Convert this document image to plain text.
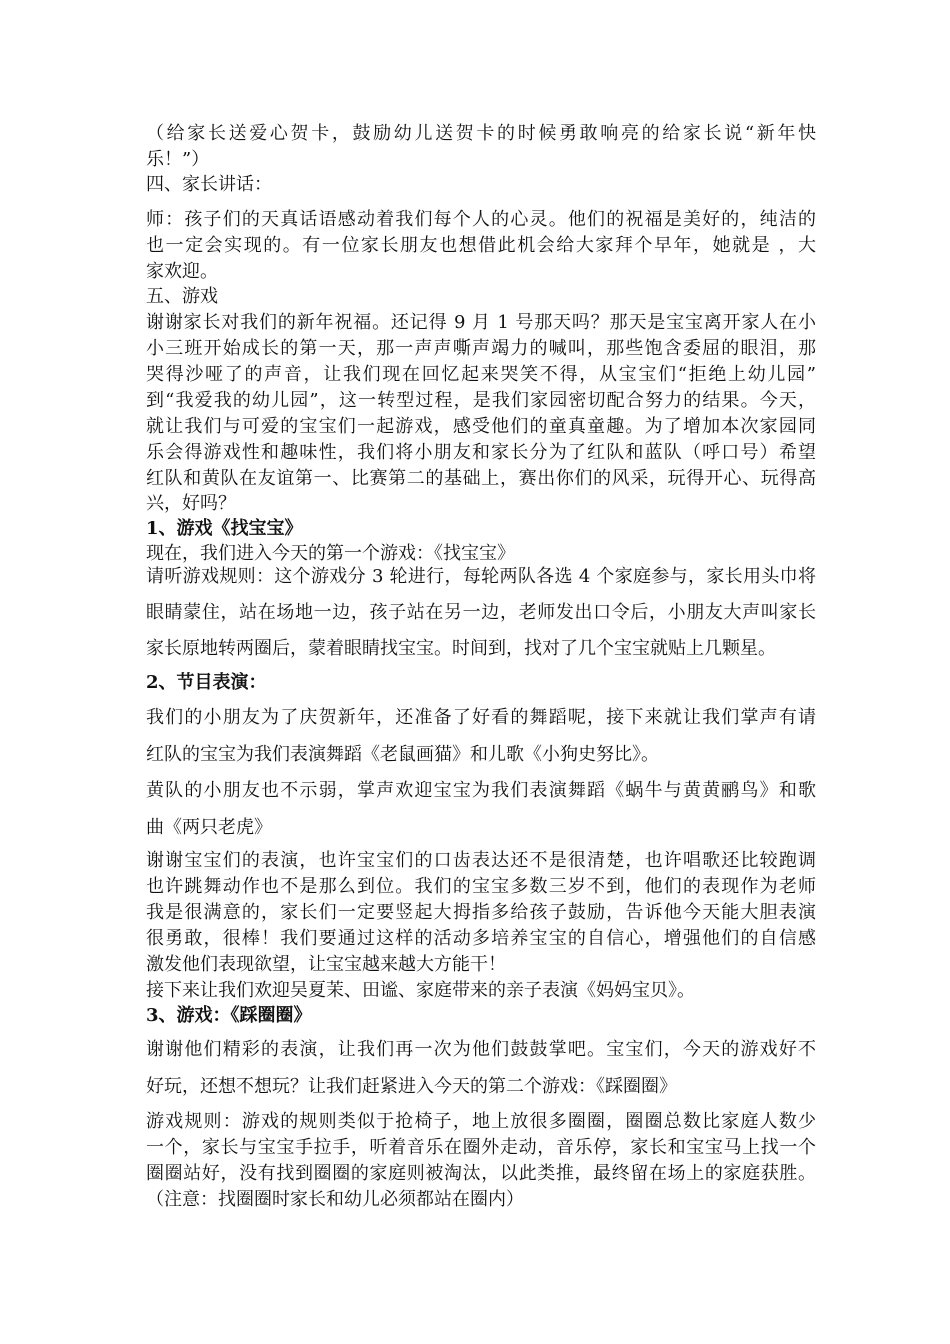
（给家长送爱心贺卡，鼓励幼儿送贺卡的时候勇敢响亮的给家长说“新年快

乐！”）

四、家长讲话：

师：孩子们的天真话语感动着我们每个人的心灵。他们的祝福是美好的，纯洁的

也一定会实现的。有一位家长朋友也想借此机会给大家拜个早年，她就是 ，大

家欢迎。

五、游戏

谢谢家长对我们的新年祝福。还记得 9 月 1 号那天吗？那天是宝宝离开家人在小

小三班开始成长的第一天，那一声声嘶声竭力的喊叫，那些饱含委屈的眼泪，那

哭得沙哑了的声音，让我们现在回忆起来哭笑不得，从宝宝们“拒绝上幼儿园”

到“我爱我的幼儿园”，这一转型过程，是我们家园密切配合努力的结果。今天，

就让我们与可爱的宝宝们一起游戏，感受他们的童真童趣。为了增加本次家园同

乐会得游戏性和趣味性，我们将小朋友和家长分为了红队和蓝队（呼口号）希望

红队和黄队在友谊第一、比赛第二的基础上，赛出你们的风采，玩得开心、玩得高

兴，好吗？

1、游戏《找宝宝》

现在，我们进入今天的第一个游戏：《找宝宝》

请听游戏规则：这个游戏分 3 轮进行，每轮两队各选 4 个家庭参与，家长用头巾将

眼睛蒙住，站在场地一边，孩子站在另一边，老师发出口令后，小朋友大声叫家长

家长原地转两圈后，蒙着眼睛找宝宝。时间到，找对了几个宝宝就贴上几颗星。

2、节目表演：

我们的小朋友为了庆贺新年，还准备了好看的舞蹈呢，接下来就让我们掌声有请

红队的宝宝为我们表演舞蹈《老鼠画猫》和儿歌《小狗史努比》。

黄队的小朋友也不示弱，掌声欢迎宝宝为我们表演舞蹈《蜗牛与黄黄鹂鸟》和歌

曲《两只老虎》

谢谢宝宝们的表演，也许宝宝们的口齿表达还不是很清楚，也许唱歌还比较跑调

也许跳舞动作也不是那么到位。我们的宝宝多数三岁不到，他们的表现作为老师

我是很满意的，家长们一定要竖起大拇指多给孩子鼓励，告诉他今天能大胆表演

很勇敢，很棒！我们要通过这样的活动多培养宝宝的自信心，增强他们的自信感

激发他们表现欲望，让宝宝越来越大方能干！

接下来让我们欢迎吴夏茉、田谧、家庭带来的亲子表演《妈妈宝贝》。

3、游戏：《踩圈圈》

谢谢他们精彩的表演，让我们再一次为他们鼓鼓掌吧。宝宝们，今天的游戏好不

好玩，还想不想玩？让我们赶紧进入今天的第二个游戏：《踩圈圈》

游戏规则：游戏的规则类似于抢椅子，地上放很多圈圈，圈圈总数比家庭人数少

一个，家长与宝宝手拉手，听着音乐在圈外走动，音乐停，家长和宝宝马上找一个

圈圈站好，没有找到圈圈的家庭则被淘汰，以此类推，最终留在场上的家庭获胜。

（注意：找圈圈时家长和幼儿必须都站在圈内）
